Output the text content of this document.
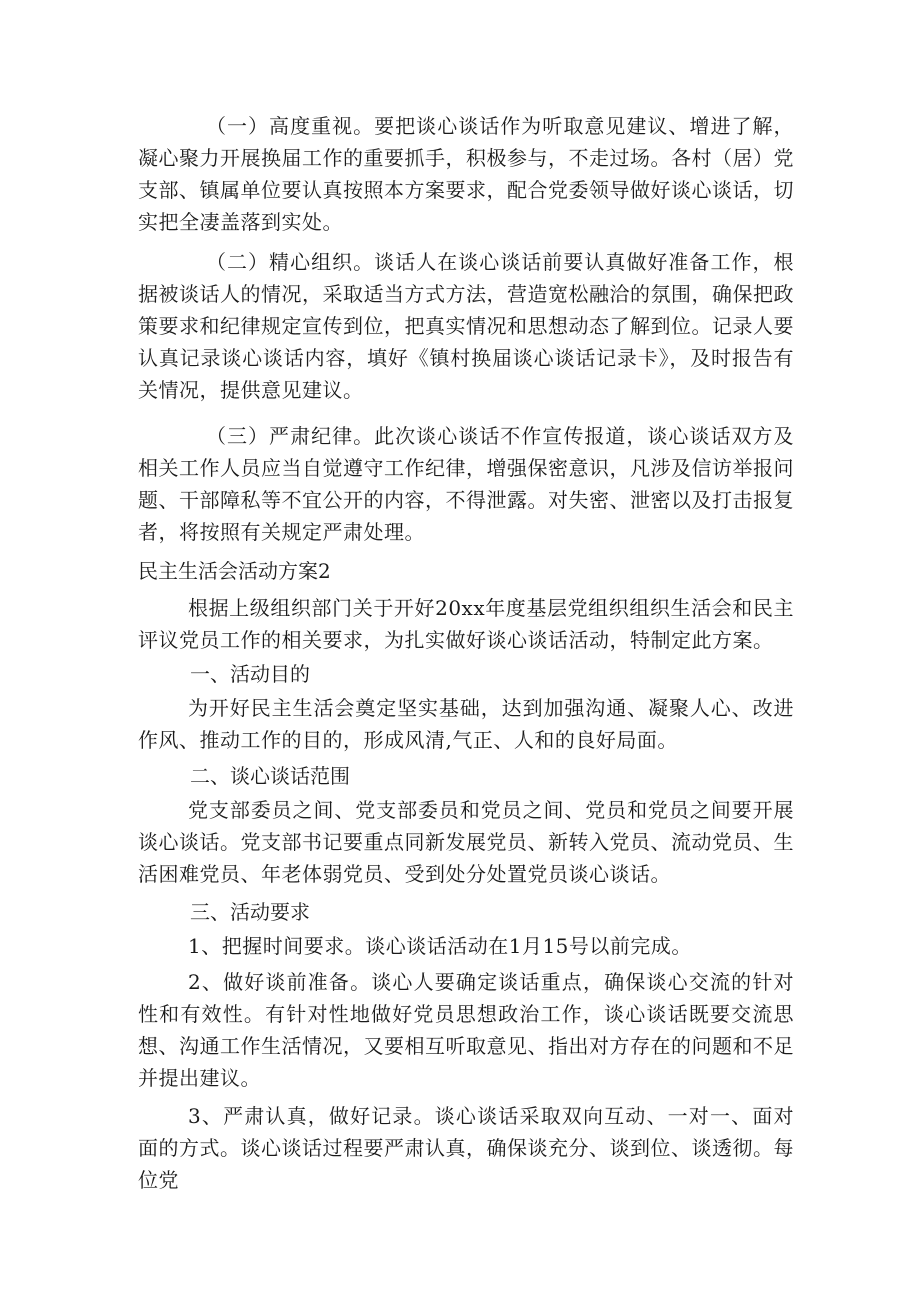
（一）高度重视。要把谈心谈话作为听取意见建议、增进了解，凝心聚力开展换届工作的重要抓手，积极参与，不走过场。各村（居）党支部、镇属单位要认真按照本方案要求，配合党委领导做好谈心谈话，切实把全凄盖落到实处。

（二）精心组织。谈话人在谈心谈话前要认真做好准备工作，根据被谈话人的情况，采取适当方式方法，营造宽松融洽的氛围，确保把政策要求和纪律规定宣传到位，把真实情况和思想动态了解到位。记录人要认真记录谈心谈话内容，填好《镇村换届谈心谈话记录卡》，及时报告有关情况，提供意见建议。

（三）严肃纪律。此次谈心谈话不作宣传报道，谈心谈话双方及相关工作人员应当自觉遵守工作纪律，增强保密意识，凡涉及信访举报问题、干部障私等不宜公开的内容，不得泄露。对失密、泄密以及打击报复者，将按照有关规定严肃处理。

民主生活会活动方案2

根据上级组织部门关于开好20xx年度基层党组织组织生活会和民主评议党员工作的相关要求，为扎实做好谈心谈话活动，特制定此方案。

一、活动目的

为开好民主生活会奠定坚实基础，达到加强沟通、凝聚人心、改进作风、推动工作的目的，形成风清,气正、人和的良好局面。

二、谈心谈话范围

党支部委员之间、党支部委员和党员之间、党员和党员之间要开展谈心谈话。党支部书记要重点同新发展党员、新转入党员、流动党员、生活困难党员、年老体弱党员、受到处分处置党员谈心谈话。

三、活动要求

1、把握时间要求。谈心谈话活动在1月15号以前完成。

2、做好谈前准备。谈心人要确定谈话重点，确保谈心交流的针对性和有效性。有针对性地做好党员思想政治工作，谈心谈话既要交流思想、沟通工作生活情况，又要相互听取意见、指出对方存在的问题和不足并提出建议。

3、严肃认真，做好记录。谈心谈话采取双向互动、一对一、面对面的方式。谈心谈话过程要严肃认真，确保谈充分、谈到位、谈透彻。每位党
